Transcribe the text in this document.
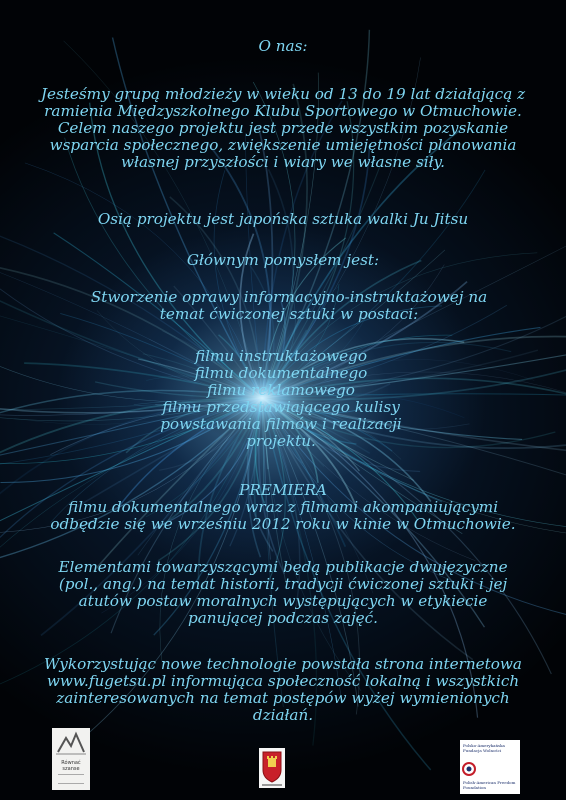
O nas:

Jesteśmy grupą młodzieży w wieku od 13 do 19 lat działającą z
ramienia Międzyszkolnego Klubu Sportowego w Otmuchowie.
Celem naszego projektu jest przede wszystkim pozyskanie
wsparcia społecznego, zwiększenie umiejętności planowania
własnej przyszłości i wiary we własne siły.

Osią projektu jest japońska sztuka walki Ju Jitsu

Głównym pomysłem jest:

Stworzenie oprawy informacyjno-instruktażowej na
temat ćwiczonej sztuki w postaci:

filmu instruktażowego
filmu dokumentalnego
filmu reklamowego
filmu przedstawiającego kulisy
powstawania filmów i realizacji
projektu.

PREMIERA
filmu dokumentalnego wraz z filmami akompaniującymi
odbędzie się we wrześniu 2012 roku w kinie w Otmuchowie.

Elementami towarzyszącymi będą publikacje dwujęzyczne
(pol., ang.) na temat historii, tradycji ćwiczonej sztuki i jej
atutów postaw moralnych występujących w etykiecie
panującej podczas zajęć.

Wykorzystując nowe technologie powstała strona internetowa
www.fugetsu.pl informująca społeczność lokalną i wszystkich
zainteresowanych na temat postępów wyżej wymienionych
działań.

Równać szanse
Polsko-Amerykańska Fundacja Wolności
Polish-American Freedom Foundation
